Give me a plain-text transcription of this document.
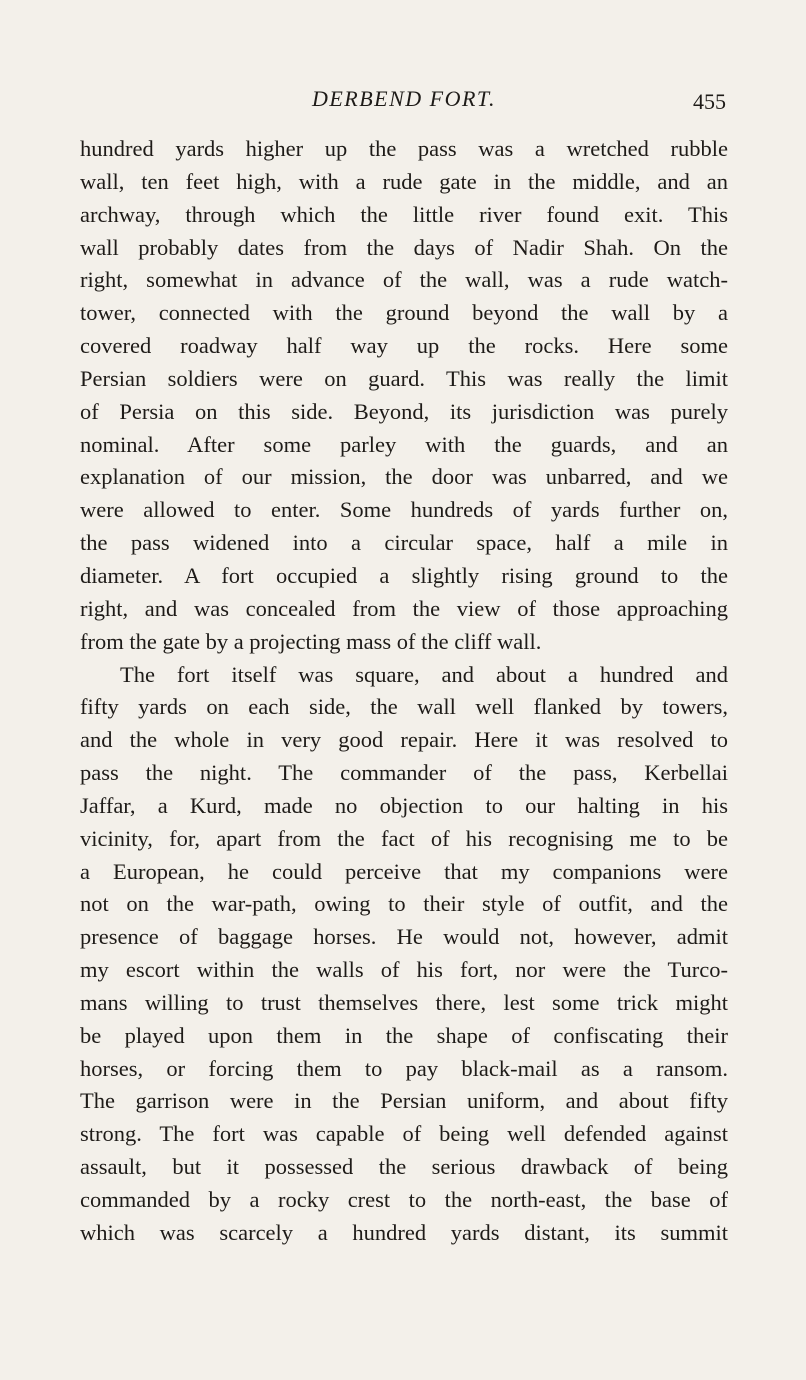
DERBEND FORT.	455
hundred yards higher up the pass was a wretched rubble
wall, ten feet high, with a rude gate in the middle, and an
archway, through which the little river found exit. This
wall probably dates from the days of Nadir Shah. On the
right, somewhat in advance of the wall, was a rude watch-
tower, connected with the ground beyond the wall by a
covered roadway half way up the rocks. Here some
Persian soldiers were on guard. This was really the limit
of Persia on this side. Beyond, its jurisdiction was purely
nominal. After some parley with the guards, and an
explanation of our mission, the door was unbarred, and we
were allowed to enter. Some hundreds of yards further on,
the pass widened into a circular space, half a mile in
diameter. A fort occupied a slightly rising ground to the
right, and was concealed from the view of those approaching
from the gate by a projecting mass of the cliff wall.
The fort itself was square, and about a hundred and
fifty yards on each side, the wall well flanked by towers,
and the whole in very good repair. Here it was resolved to
pass the night. The commander of the pass, Kerbellai
Jaffar, a Kurd, made no objection to our halting in his
vicinity, for, apart from the fact of his recognising me to be
a European, he could perceive that my companions were
not on the war-path, owing to their style of outfit, and the
presence of baggage horses. He would not, however, admit
my escort within the walls of his fort, nor were the Turco-
mans willing to trust themselves there, lest some trick might
be played upon them in the shape of confiscating their
horses, or forcing them to pay black-mail as a ransom.
The garrison were in the Persian uniform, and about fifty
strong. The fort was capable of being well defended against
assault, but it possessed the serious drawback of being
commanded by a rocky crest to the north-east, the base of
which was scarcely a hundred yards distant, its summit
